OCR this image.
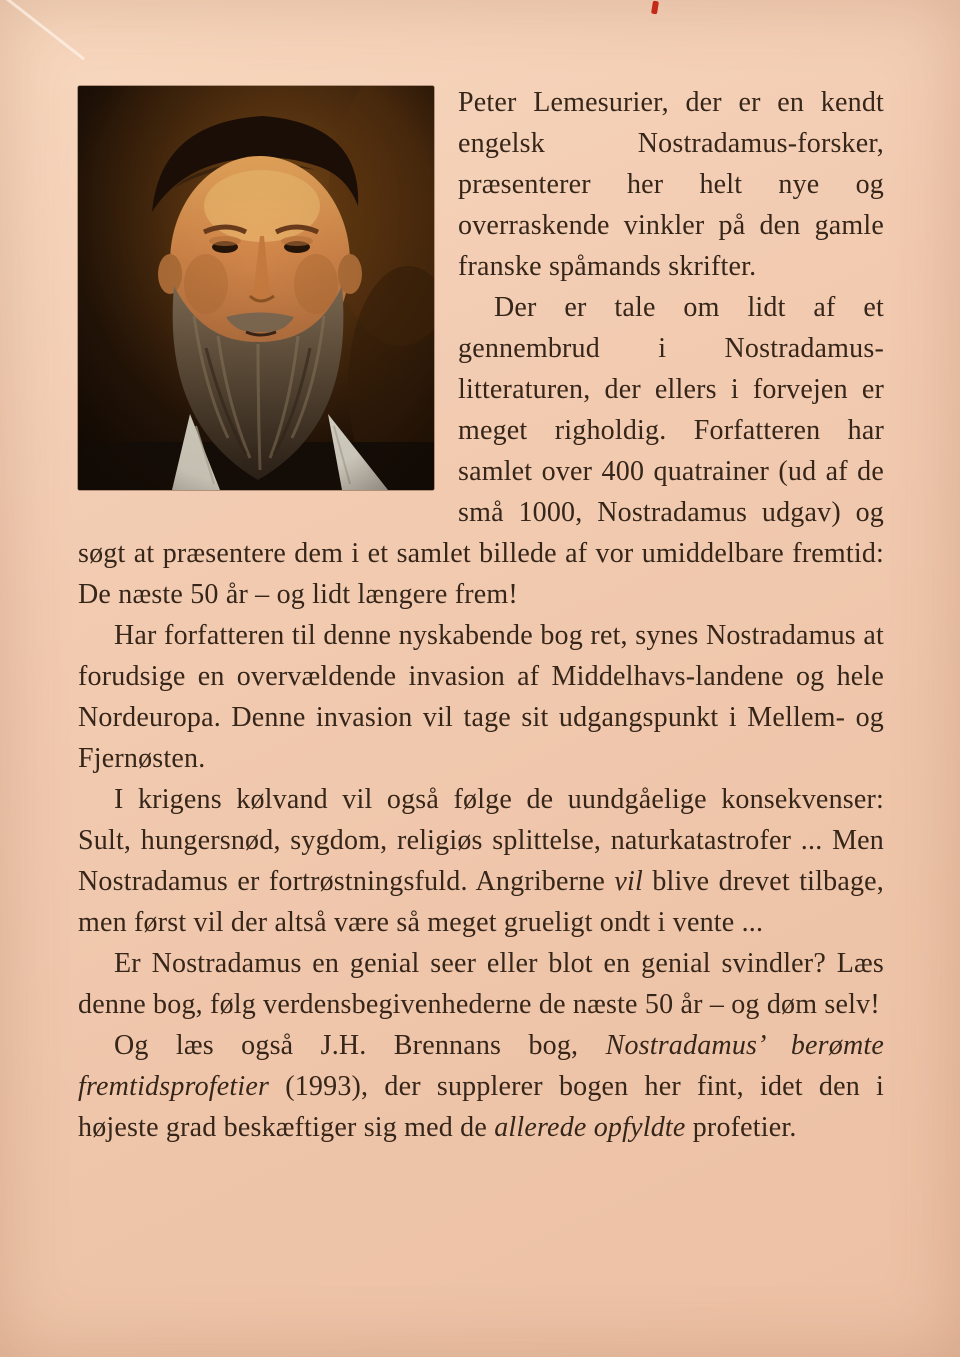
Peter Lemesurier, der er en kendt engelsk Nostradamus-forsker, præsenterer her helt nye og overraskende vinkler på den gamle franske spåmands skrifter.

Der er tale om lidt af et gennembrud i Nostradamus-litteraturen, der ellers i forvejen er meget righoldig. Forfatteren har samlet over 400 quatrainer (ud af de små 1000, Nostradamus udgav) og søgt at præsentere dem i et samlet billede af vor umiddelbare fremtid: De næste 50 år – og lidt længere frem!

Har forfatteren til denne nyskabende bog ret, synes Nostradamus at forudsige en overvældende invasion af Middelhavs-landene og hele Nordeuropa. Denne invasion vil tage sit udgangspunkt i Mellem- og Fjernøsten.

I krigens kølvand vil også følge de uundgåelige konsekvenser: Sult, hungersnød, sygdom, religiøs splittelse, naturkatastrofer ... Men Nostradamus er fortrøstningsfuld. Angriberne vil blive drevet tilbage, men først vil der altså være så meget grueligt ondt i vente ...

Er Nostradamus en genial seer eller blot en genial svindler? Læs denne bog, følg verdensbegivenhederne de næste 50 år – og døm selv!

Og læs også J.H. Brennans bog, Nostradamus’ berømte fremtidsprofetier (1993), der supplerer bogen her fint, idet den i højeste grad beskæftiger sig med de allerede opfyldte profetier.
